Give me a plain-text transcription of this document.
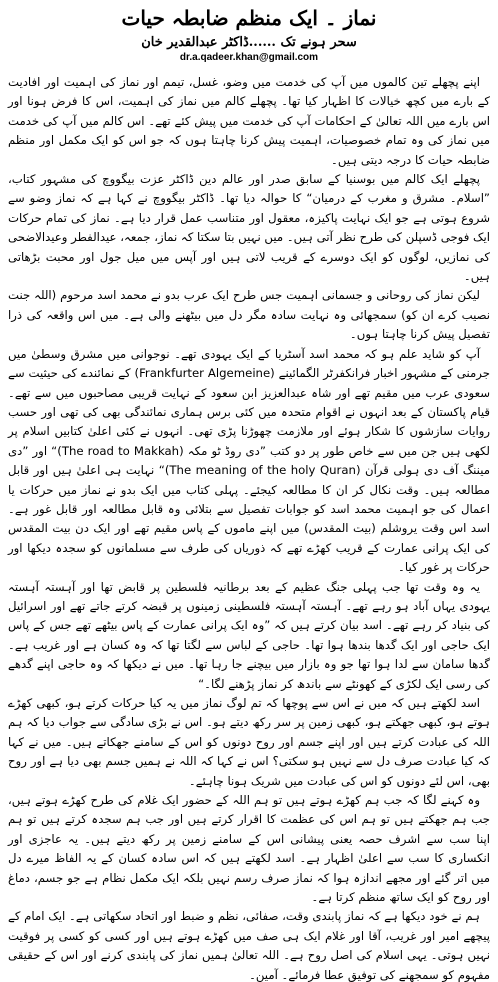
نماز ۔ ایک منظم ضابطہ حیات
سحر ہونے تک ......ڈاکٹر عبدالقدیر خان
dr.a.qadeer.khan@gmail.com

اپنے پچھلے تین کالموں میں آپ کی خدمت میں وضو، غسل، تیمم اور نماز کی اہمیت اور افادیت کے بارے میں کچھ خیالات کا اظہار کیا تھا۔ پچھلے کالم میں نماز کی اہمیت، اس کا فرض ہونا اور اس بارے میں اللہ تعالیٰ کے احکامات آپ کی خدمت میں پیش کئے تھے۔ اس کالم میں آپ کی خدمت میں نماز کی وہ تمام خصوصیات، اہمیت پیش کرنا چاہتا ہوں کہ جو اس کو ایک مکمل اور منظم ضابطہ حیات کا درجہ دیتی ہیں۔

پچھلے ایک کالم میں بوسنیا کے سابق صدر اور عالم دین ڈاکٹر عزت بیگووچ کی مشہور کتاب، ”اسلام۔ مشرق و مغرب کے درمیان“ کا حوالہ دیا تھا۔ ڈاکٹر بیگووچ نے کہا ہے کہ نماز وضو سے شروع ہوتی ہے جو ایک نہایت پاکیزہ، معقول اور متناسب عمل قرار دیا ہے۔ نماز کی تمام حرکات ایک فوجی ڈسپلن کی طرح نظر آتی ہیں۔ میں نہیں بتا سکتا کہ نماز، جمعہ، عیدالفطر وعیدالاضحی کی نمازیں، لوگوں کو ایک دوسرے کے قریب لاتی ہیں اور آپس میں میل جول اور محبت بڑھاتی ہیں۔

لیکن نماز کی روحانی و جسمانی اہمیت جس طرح ایک عرب بدو نے محمد اسد مرحوم (اللہ جنت نصیب کرے ان کو) سمجھائی وہ نہایت سادہ مگر دل میں بیٹھنے والی ہے۔ میں اس واقعہ کی ذرا تفصیل پیش کرنا چاہتا ہوں۔

آپ کو شاید علم ہو کہ محمد اسد آسٹریا کے ایک یہودی تھے۔ نوجوانی میں مشرق وسطیٰ میں جرمنی کے مشہور اخبار فرانکفرٹر الگمائینے (Frankfurter Algemeine) کے نمائندے کی حیثیت سے سعودی عرب میں مقیم تھے اور شاہ عبدالعزیز ابن سعود کے نہایت قریبی مصاحبوں میں سے تھے۔ قیام پاکستان کے بعد انہوں نے اقوام متحدہ میں کئی برس ہماری نمائندگی بھی کی تھی اور حسب روایات سازشوں کا شکار ہوئے اور ملازمت چھوڑنا پڑی تھی۔ انہوں نے کئی اعلیٰ کتابیں اسلام پر لکھی ہیں جن میں سے خاص طور پر دو کتب ”دی روڈ ٹو مکہ (The road to Makkah)“ اور ”دی میننگ آف دی ہولی قرآن (The meaning of the holy Quran)“ نہایت ہی اعلیٰ ہیں اور قابل مطالعہ ہیں۔ وقت نکال کر ان کا مطالعہ کیجئے۔ پہلی کتاب میں ایک بدو نے نماز میں حرکات یا اعمال کی جو اہمیت محمد اسد کو جوابات تفصیل سے بتلائی وہ قابل مطالعہ اور قابل غور ہے۔ اسد اس وقت یروشلم (بیت المقدس) میں اپنے ماموں کے پاس مقیم تھے اور ایک دن بیت المقدس کی ایک پرانی عمارت کے قریب کھڑے تھے کہ ذوریاں کی طرف سے مسلمانوں کو سجدہ دیکھا اور حرکات پر غور کیا۔

یہ وہ وقت تھا جب پہلی جنگ عظیم کے بعد برطانیہ فلسطین پر قابض تھا اور آہستہ آہستہ یہودی یہاں آباد ہو رہے تھے۔ آہستہ آہستہ فلسطینی زمینوں پر قبضہ کرتے جاتے تھے اور اسرائیل کی بنیاد کر رہے تھے۔ اسد بیان کرتے ہیں کہ ”وہ ایک پرانی عمارت کے پاس بیٹھے تھے جس کے پاس ایک حاجی اور ایک گدھا بندھا ہوا تھا۔ حاجی کے لباس سے لگتا تھا کہ وہ کسان ہے اور غریب ہے۔ گدھا سامان سے لدا ہوا تھا جو وہ بازار میں بیچنے جا رہا تھا۔ میں نے دیکھا کہ وہ حاجی اپنے گدھے کی رسی ایک لکڑی کے کھونٹے سے باندھ کر نماز پڑھنے لگا۔“

اسد لکھتے ہیں کہ میں نے اس سے پوچھا کہ تم لوگ نماز میں یہ کیا حرکات کرتے ہو، کبھی کھڑے ہوتے ہو، کبھی جھکتے ہو، کبھی زمین پر سر رکھ دیتے ہو۔ اس نے بڑی سادگی سے جواب دیا کہ ہم اللہ کی عبادت کرتے ہیں اور اپنے جسم اور روح دونوں کو اس کے سامنے جھکاتے ہیں۔ میں نے کہا کہ کیا عبادت صرف دل سے نہیں ہو سکتی؟ اس نے کہا کہ اللہ نے ہمیں جسم بھی دیا ہے اور روح بھی، اس لئے دونوں کو اس کی عبادت میں شریک ہونا چاہئے۔

وہ کہنے لگا کہ جب ہم کھڑے ہوتے ہیں تو ہم اللہ کے حضور ایک غلام کی طرح کھڑے ہوتے ہیں، جب ہم جھکتے ہیں تو ہم اس کی عظمت کا اقرار کرتے ہیں اور جب ہم سجدہ کرتے ہیں تو ہم اپنا سب سے اشرف حصہ یعنی پیشانی اس کے سامنے زمین پر رکھ دیتے ہیں۔ یہ عاجزی اور انکساری کا سب سے اعلیٰ اظہار ہے۔ اسد لکھتے ہیں کہ اس سادہ کسان کے یہ الفاظ میرے دل میں اتر گئے اور مجھے اندازہ ہوا کہ نماز صرف رسم نہیں بلکہ ایک مکمل نظام ہے جو جسم، دماغ اور روح کو ایک ساتھ منظم کرتا ہے۔

ہم نے خود دیکھا ہے کہ نماز پابندی وقت، صفائی، نظم و ضبط اور اتحاد سکھاتی ہے۔ ایک امام کے پیچھے امیر اور غریب، آقا اور غلام ایک ہی صف میں کھڑے ہوتے ہیں اور کسی کو کسی پر فوقیت نہیں ہوتی۔ یہی اسلام کی اصل روح ہے۔ اللہ تعالیٰ ہمیں نماز کی پابندی کرنے اور اس کے حقیقی مفہوم کو سمجھنے کی توفیق عطا فرمائے۔ آمین۔
